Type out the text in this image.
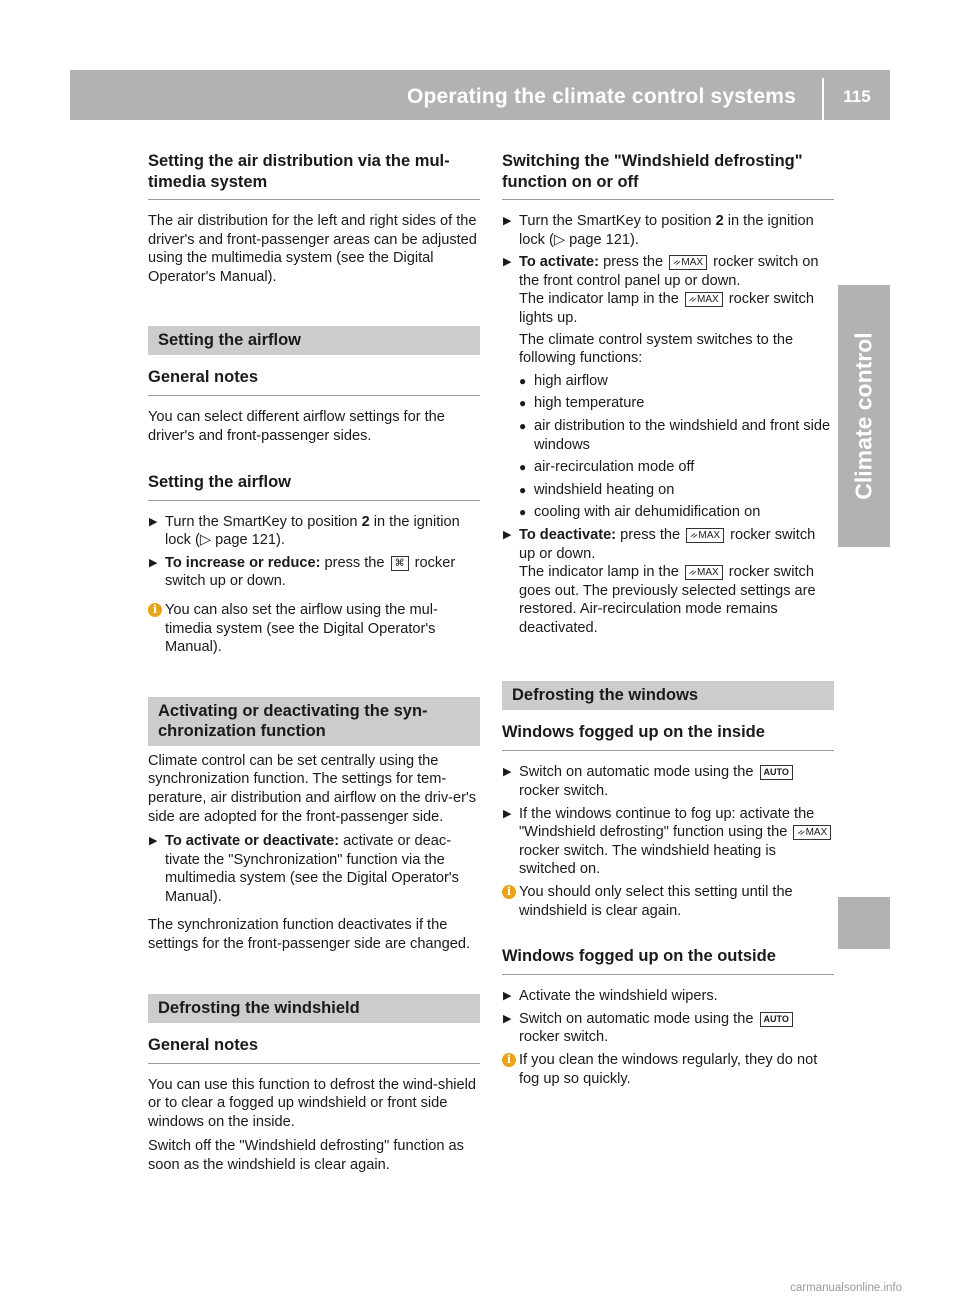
Operating the climate control systems	115
Climate control
Setting the air distribution via the mul-timedia system

The air distribution for the left and right sides of the driver's and front-passenger areas can be adjusted using the multimedia system (see the Digital Operator's Manual).

Setting the airflow
General notes

You can select different airflow settings for the driver's and front-passenger sides.

Setting the airflow
▶ Turn the SmartKey to position 2 in the ignition lock (▷ page 121).
▶ To increase or reduce: press the ⌘ rocker switch up or down.
i You can also set the airflow using the mul-timedia system (see the Digital Operator's Manual).
Activating or deactivating the syn-chronization function

Climate control can be set centrally using the synchronization function. The settings for tem-perature, air distribution and airflow on the driv-er's side are adopted for the front-passenger side.

▶ To activate or deactivate: activate or deac-tivate the "Synchronization" function via the multimedia system (see the Digital Operator's Manual).

The synchronization function deactivates if the settings for the front-passenger side are changed.

Defrosting the windshield
General notes

You can use this function to defrost the wind-shield or to clear a fogged up windshield or front side windows on the inside.

Switch off the "Windshield defrosting" function as soon as the windshield is clear again.

Switching the "Windshield defrosting" function on or off
▶ Turn the SmartKey to position 2 in the ignition lock (▷ page 121).
▶ To activate: press the ᨀMAX rocker switch on the front control panel up or down.
The indicator lamp in the ᨀMAX rocker switch lights up.
The climate control system switches to the following functions:
● high airflow
● high temperature
● air distribution to the windshield and front side windows
● air-recirculation mode off
● windshield heating on
● cooling with air dehumidification on
▶ To deactivate: press the ᨀMAX rocker switch up or down.
The indicator lamp in the ᨀMAX rocker switch goes out. The previously selected settings are restored. Air-recirculation mode remains deactivated.
Defrosting the windows
Windows fogged up on the inside
▶ Switch on automatic mode using the AUTO rocker switch.
▶ If the windows continue to fog up: activate the "Windshield defrosting" function using the ᨀMAX rocker switch. The windshield heating is switched on.
i You should only select this setting until the windshield is clear again.
Windows fogged up on the outside
▶ Activate the windshield wipers.
▶ Switch on automatic mode using the AUTO rocker switch.
i If you clean the windows regularly, they do not fog up so quickly.
carmanualsonline.info
